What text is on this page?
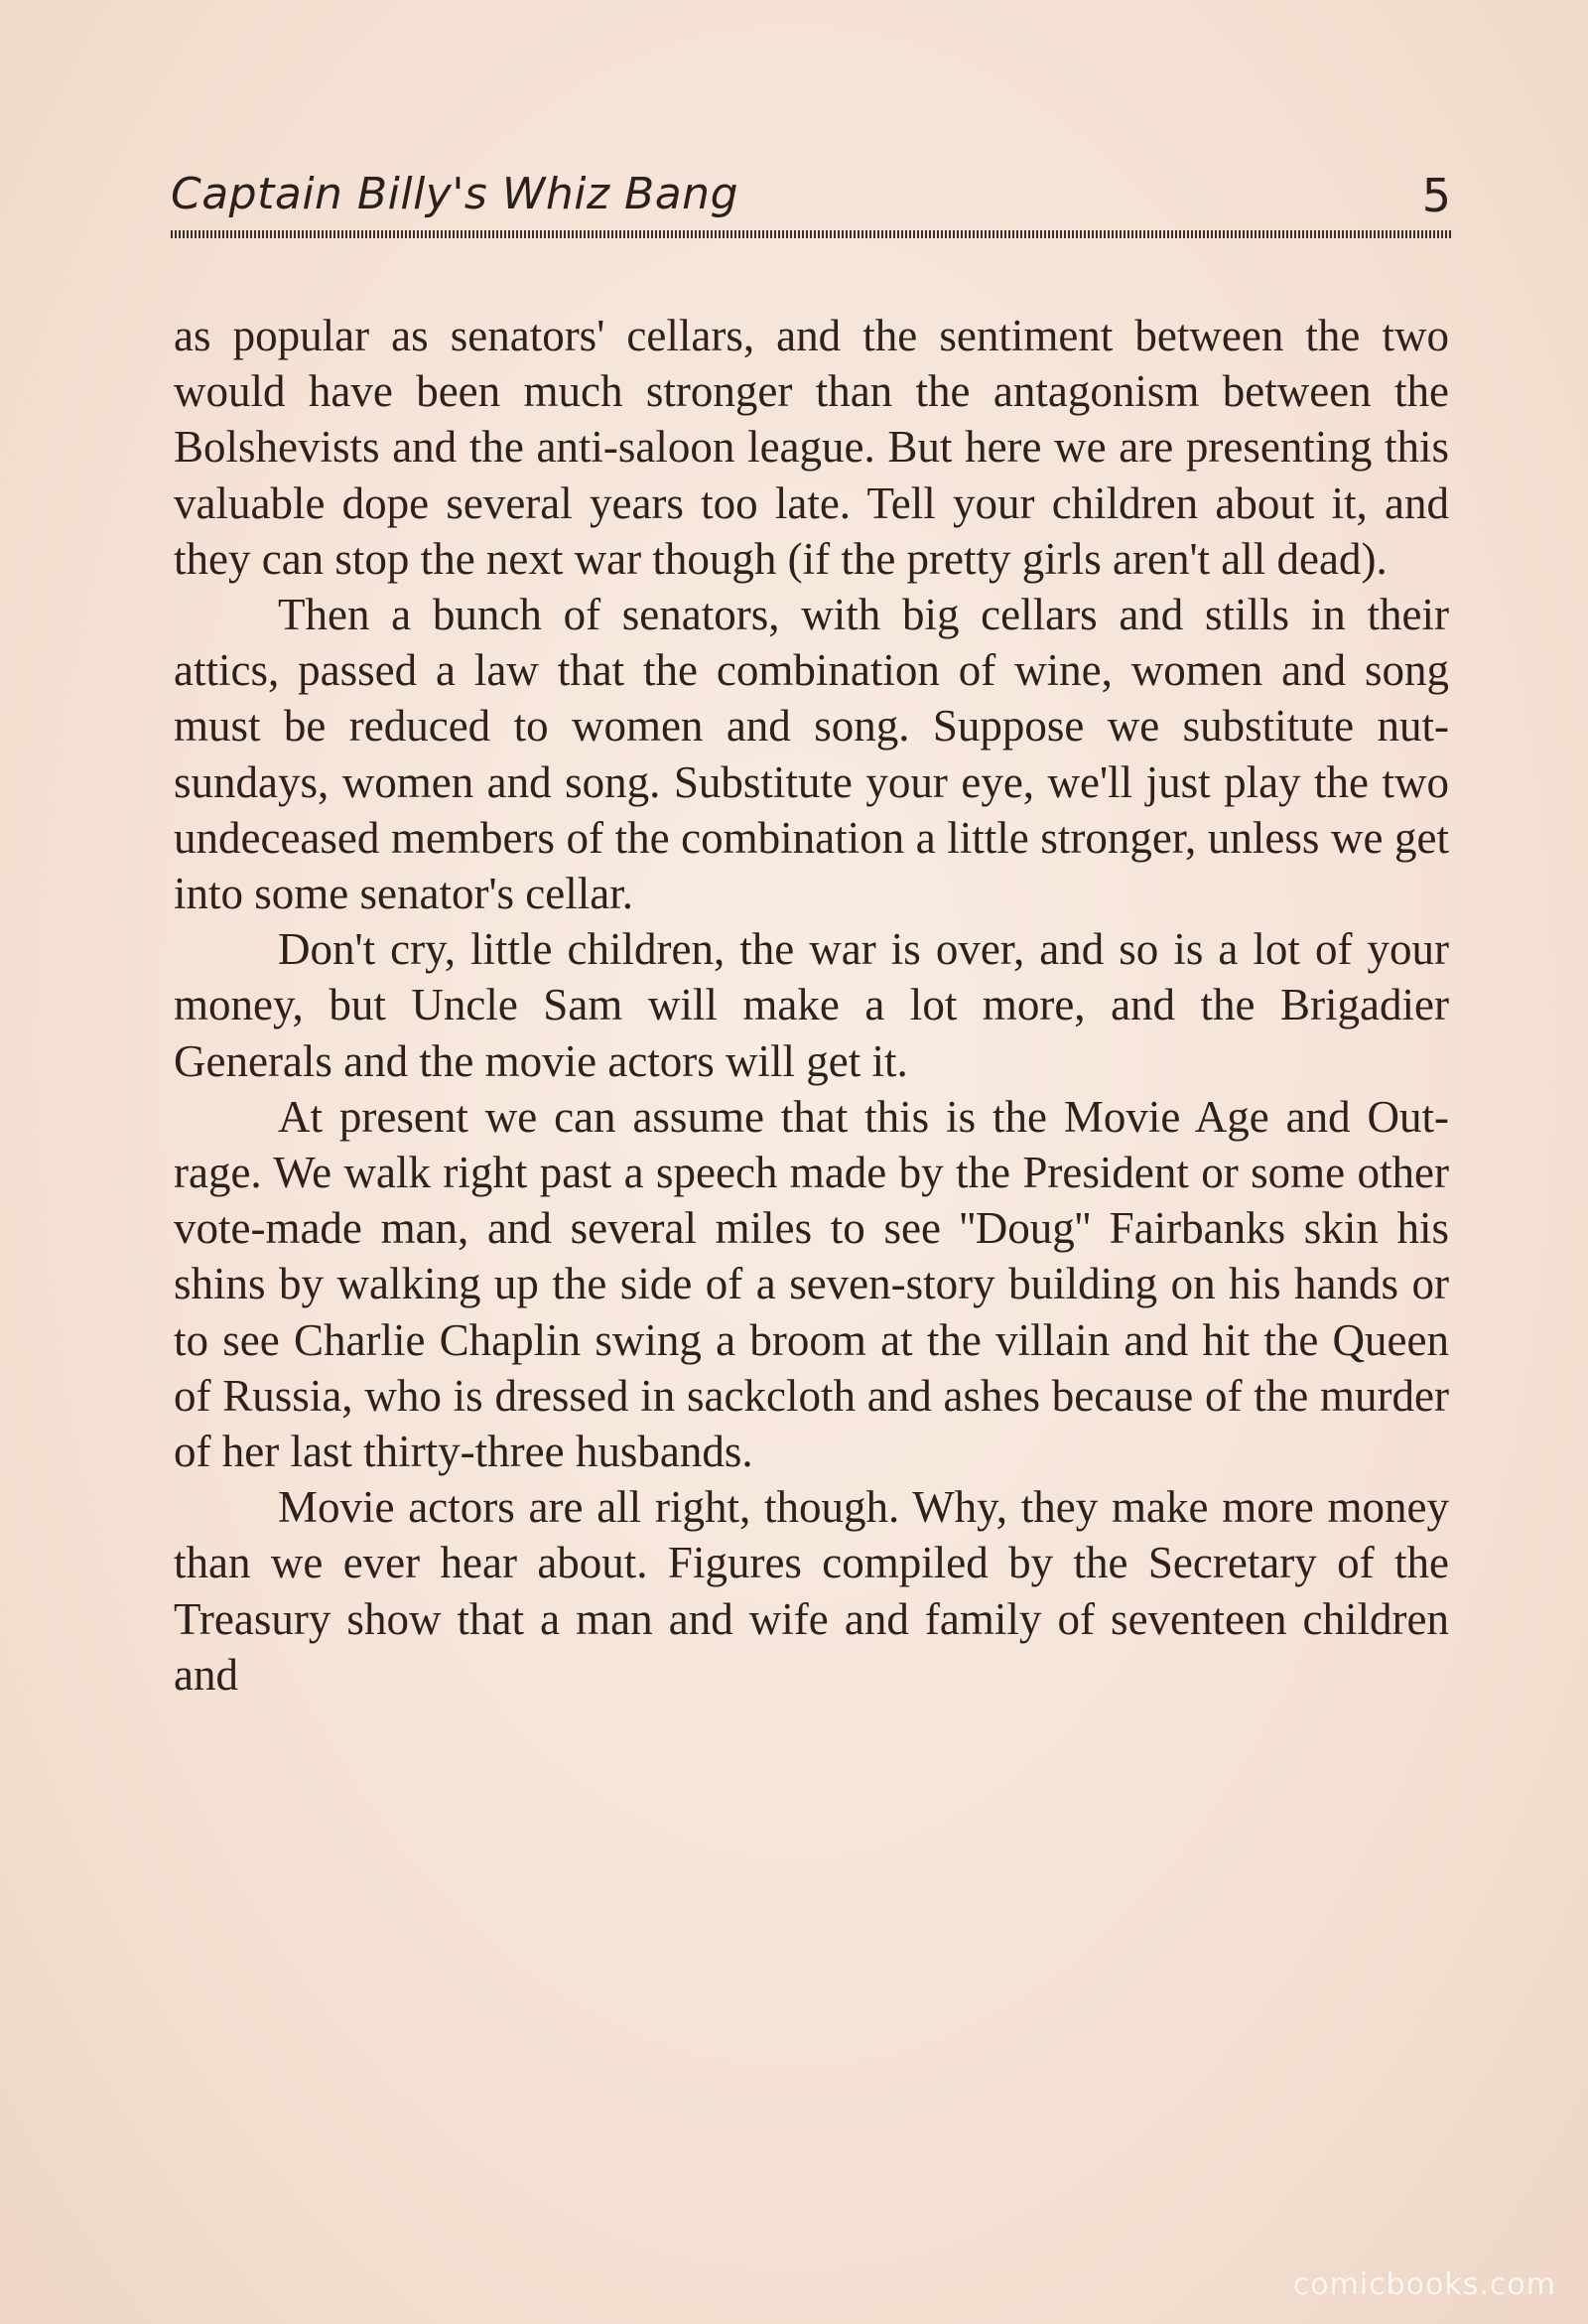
Captain Billy's Whiz Bang	5

as popular as senators' cellars, and the sentiment between the two would have been much stronger than the antagonism between the Bolshevists and the anti-saloon league. But here we are presenting this valuable dope several years too late. Tell your children about it, and they can stop the next war though (if the pretty girls aren't all dead).

Then a bunch of senators, with big cellars and stills in their attics, passed a law that the combination of wine, women and song must be reduced to women and song. Suppose we substitute nut-sundays, women and song. Substitute your eye, we'll just play the two undeceased members of the combination a little stronger, unless we get into some senator's cellar.

Don't cry, little children, the war is over, and so is a lot of your money, but Uncle Sam will make a lot more, and the Brigadier Generals and the movie actors will get it.

At present we can assume that this is the Movie Age and Out-rage. We walk right past a speech made by the President or some other vote-made man, and several miles to see ''Doug'' Fairbanks skin his shins by walking up the side of a seven-story building on his hands or to see Charlie Chaplin swing a broom at the villain and hit the Queen of Russia, who is dressed in sackcloth and ashes because of the murder of her last thirty-three husbands.

Movie actors are all right, though. Why, they make more money than we ever hear about. Figures compiled by the Secretary of the Treasury show that a man and wife and family of seventeen children and

comicbooks.com
